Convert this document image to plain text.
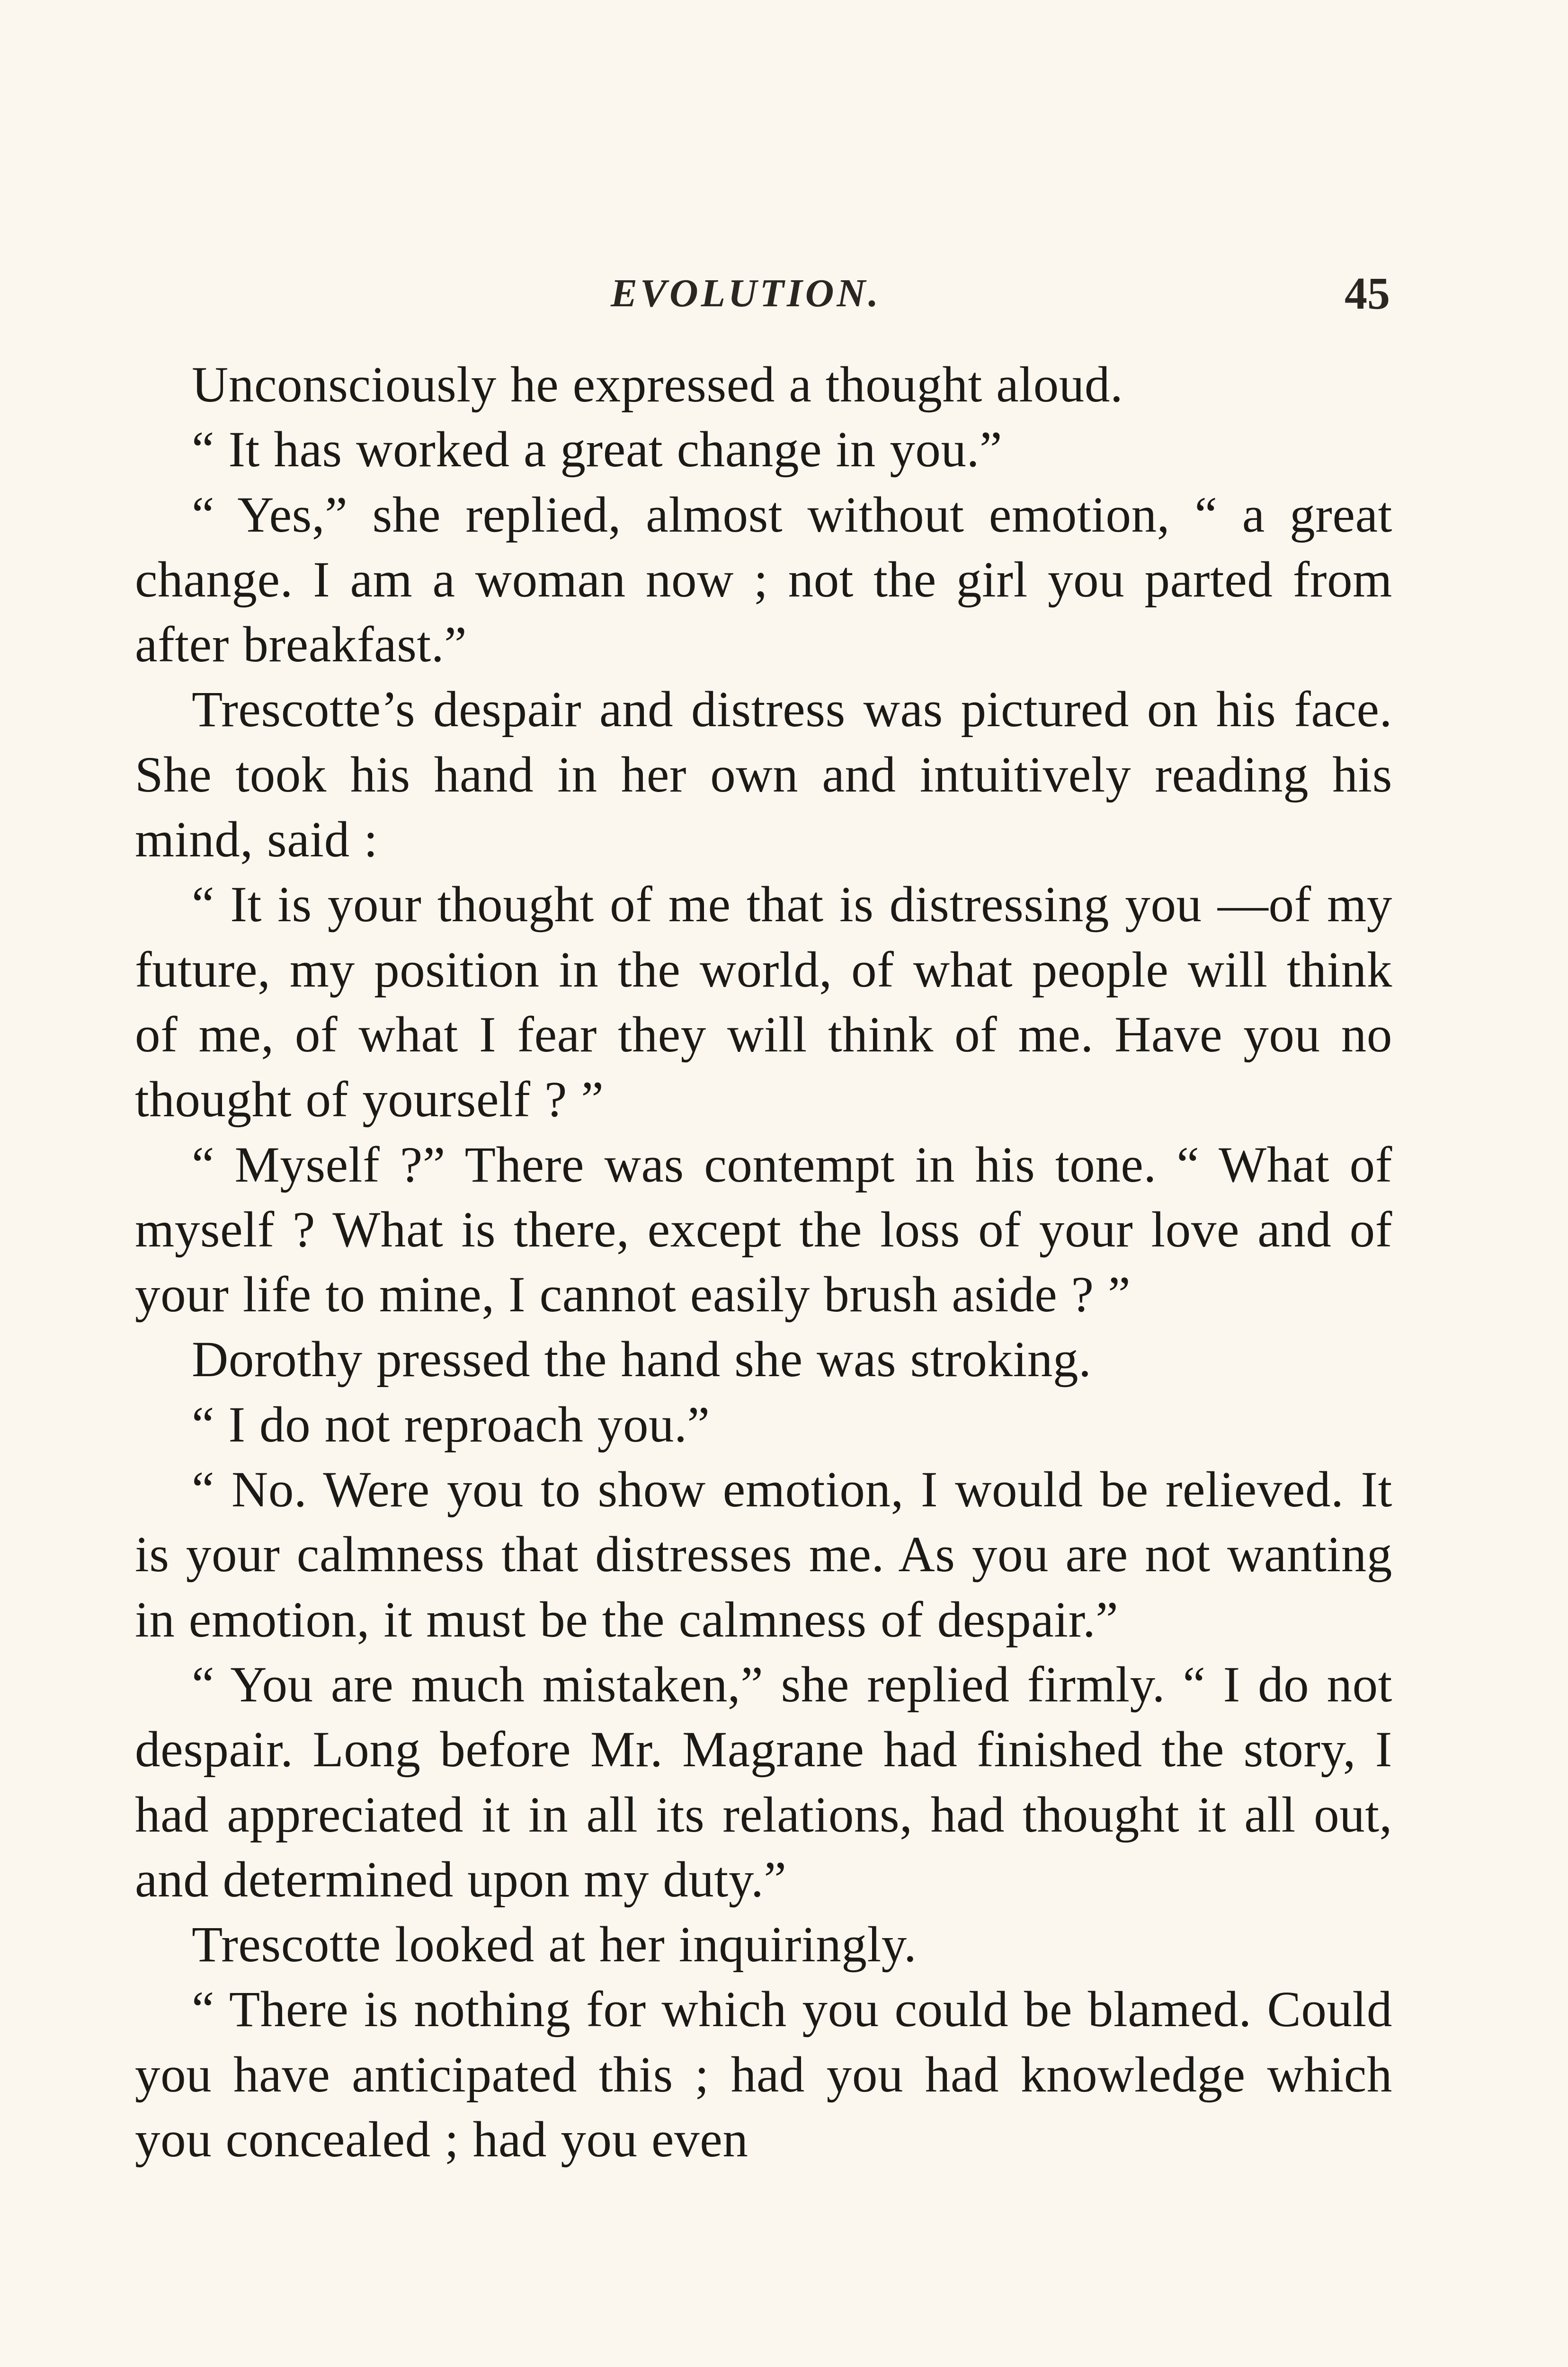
EVOLUTION.	45

Unconsciously he expressed a thought aloud.

“ It has worked a great change in you.”

“ Yes,” she replied, almost without emotion, “ a great change. I am a woman now ; not the girl you parted from after breakfast.”

Trescotte’s despair and distress was pictured on his face. She took his hand in her own and intuitively reading his mind, said :

“ It is your thought of me that is distressing you —of my future, my position in the world, of what people will think of me, of what I fear they will think of me. Have you no thought of yourself ? ”

“ Myself ?” There was contempt in his tone. “ What of myself ? What is there, except the loss of your love and of your life to mine, I cannot easily brush aside ? ”

Dorothy pressed the hand she was stroking.

“ I do not reproach you.”

“ No. Were you to show emotion, I would be relieved. It is your calmness that distresses me. As you are not wanting in emotion, it must be the calmness of despair.”

“ You are much mistaken,” she replied firmly. “ I do not despair. Long before Mr. Magrane had finished the story, I had appreciated it in all its relations, had thought it all out, and determined upon my duty.”

Trescotte looked at her inquiringly.

“ There is nothing for which you could be blamed. Could you have anticipated this ; had you had knowledge which you concealed ; had you even
